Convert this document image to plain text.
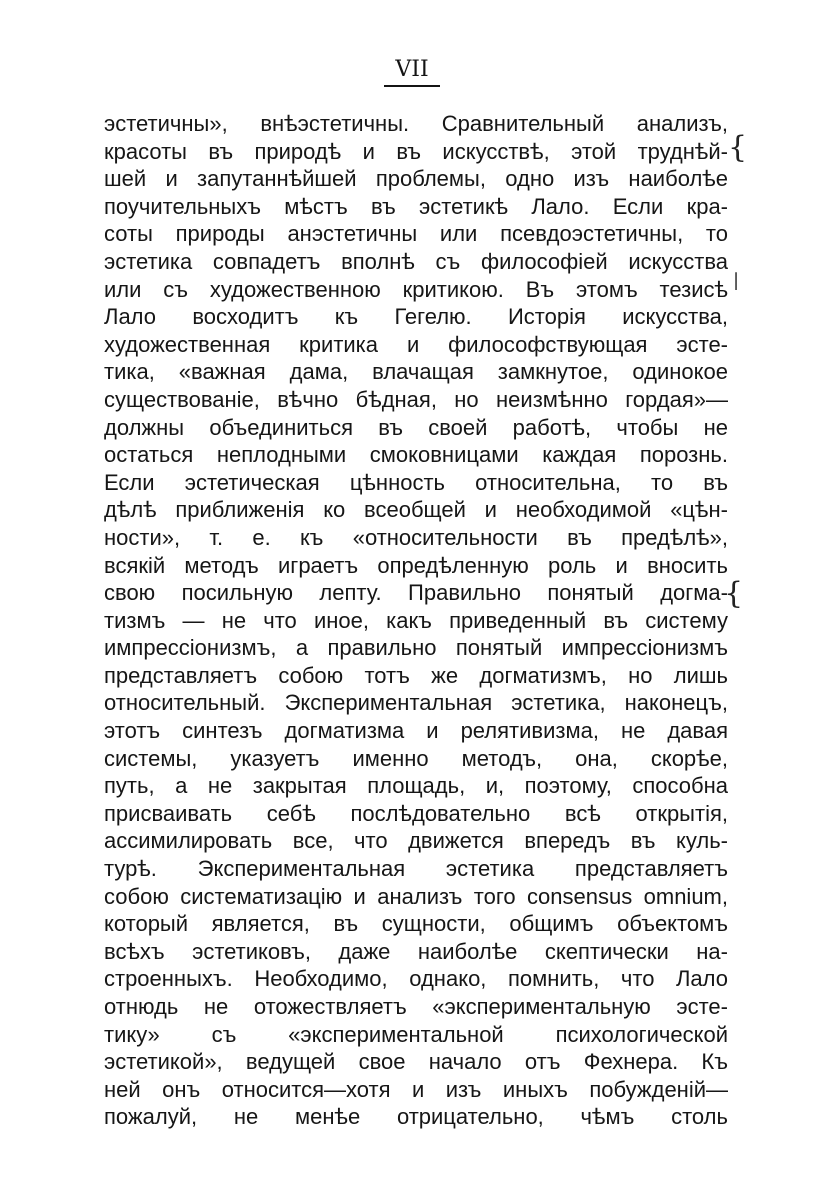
VII
эстетичны», внѣэстетичны. Сравнительный анализъ,
красоты въ природѣ и въ искусствѣ, этой труднѣй-
шей и запутаннѣйшей проблемы, одно изъ наиболѣе
поучительныхъ мѣстъ въ эстетикѣ Лало. Если кра-
соты природы анэстетичны или псевдоэстетичны, то
эстетика совпадетъ вполнѣ съ философiей искусства
или съ художественною критикою. Въ этомъ тезисѣ
Лало восходитъ къ Гегелю. Исторiя искусства,
художественная критика и философствующая эсте-
тика, «важная дама, влачащая замкнутое, одинокое
существованiе, вѣчно бѣдная, но неизмѣнно гордая»—
должны объединиться въ своей работѣ, чтобы не
остаться неплодными смоковницами каждая порознь.
Если эстетическая цѣнность относительна, то въ
дѣлѣ приближенiя ко всеобщей и необходимой «цѣн-
ности», т. е. къ «относительности въ предѣлѣ»,
всякiй методъ играетъ опредѣленную роль и вносить
свою посильную лепту. Правильно понятый догма-
тизмъ — не что иное, какъ приведенный въ систему
импрессiонизмъ, а правильно понятый импрессiонизмъ
представляетъ собою тотъ же догматизмъ, но лишь
относительный. Экспериментальная эстетика, наконецъ,
этотъ синтезъ догматизма и релятивизма, не давая
системы, указуетъ именно методъ, она, скорѣе,
путь, а не закрытая площадь, и, поэтому, способна
присваивать себѣ послѣдовательно всѣ открытiя,
ассимилировать все, что движется впередъ въ куль-
турѣ. Экспериментальная эстетика представляетъ
собою систематизацiю и анализъ того consensus omnium,
который является, въ сущности, общимъ объектомъ
всѣхъ эстетиковъ, даже наиболѣе скептически на-
строенныхъ. Необходимо, однако, помнить, что Лало
отнюдь не отожествляетъ «экспериментальную эсте-
тику» съ «экспериментальной психологической
эстетикой», ведущей свое начало отъ Фехнера. Къ
ней онъ относится—хотя и изъ иныхъ побужденiй—
пожалуй, не менѣе отрицательно, чѣмъ столь
{
|
{
